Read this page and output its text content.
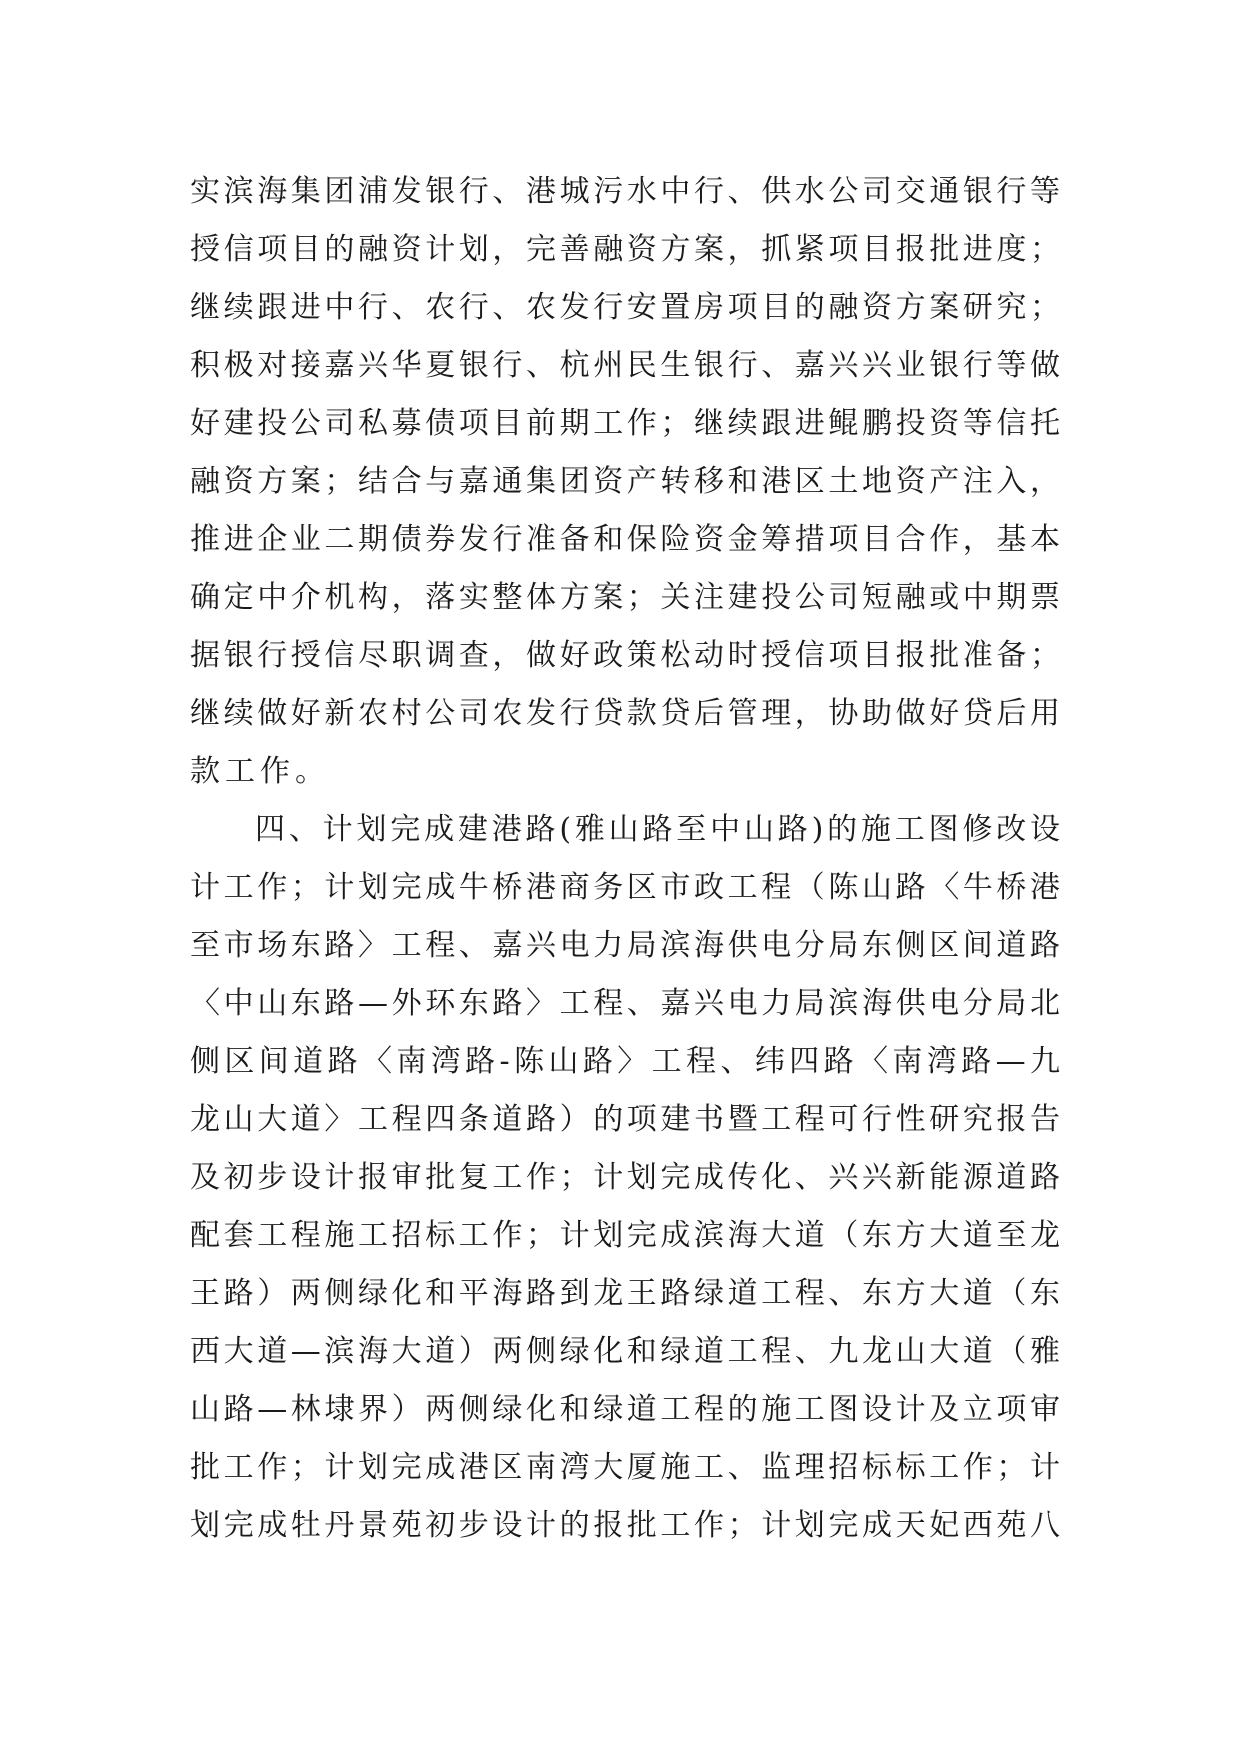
实滨海集团浦发银行、港城污水中行、供水公司交通银行等
授信项目的融资计划，完善融资方案，抓紧项目报批进度；
继续跟进中行、农行、农发行安置房项目的融资方案研究；
积极对接嘉兴华夏银行、杭州民生银行、嘉兴兴业银行等做
好建投公司私募债项目前期工作；继续跟进鲲鹏投资等信托
融资方案；结合与嘉通集团资产转移和港区土地资产注入，
推进企业二期债券发行准备和保险资金筹措项目合作，基本
确定中介机构，落实整体方案；关注建投公司短融或中期票
据银行授信尽职调查，做好政策松动时授信项目报批准备；
继续做好新农村公司农发行贷款贷后管理，协助做好贷后用
款工作。
四、计划完成建港路(雅山路至中山路)的施工图修改设
计工作；计划完成牛桥港商务区市政工程（陈山路〈牛桥港
至市场东路〉工程、嘉兴电力局滨海供电分局东侧区间道路
〈中山东路—外环东路〉工程、嘉兴电力局滨海供电分局北
侧区间道路〈南湾路-陈山路〉工程、纬四路〈南湾路—九
龙山大道〉工程四条道路）的项建书暨工程可行性研究报告
及初步设计报审批复工作；计划完成传化、兴兴新能源道路
配套工程施工招标工作；计划完成滨海大道（东方大道至龙
王路）两侧绿化和平海路到龙王路绿道工程、东方大道（东
西大道—滨海大道）两侧绿化和绿道工程、九龙山大道（雅
山路—林埭界）两侧绿化和绿道工程的施工图设计及立项审
批工作；计划完成港区南湾大厦施工、监理招标标工作；计
划完成牡丹景苑初步设计的报批工作；计划完成天妃西苑八
